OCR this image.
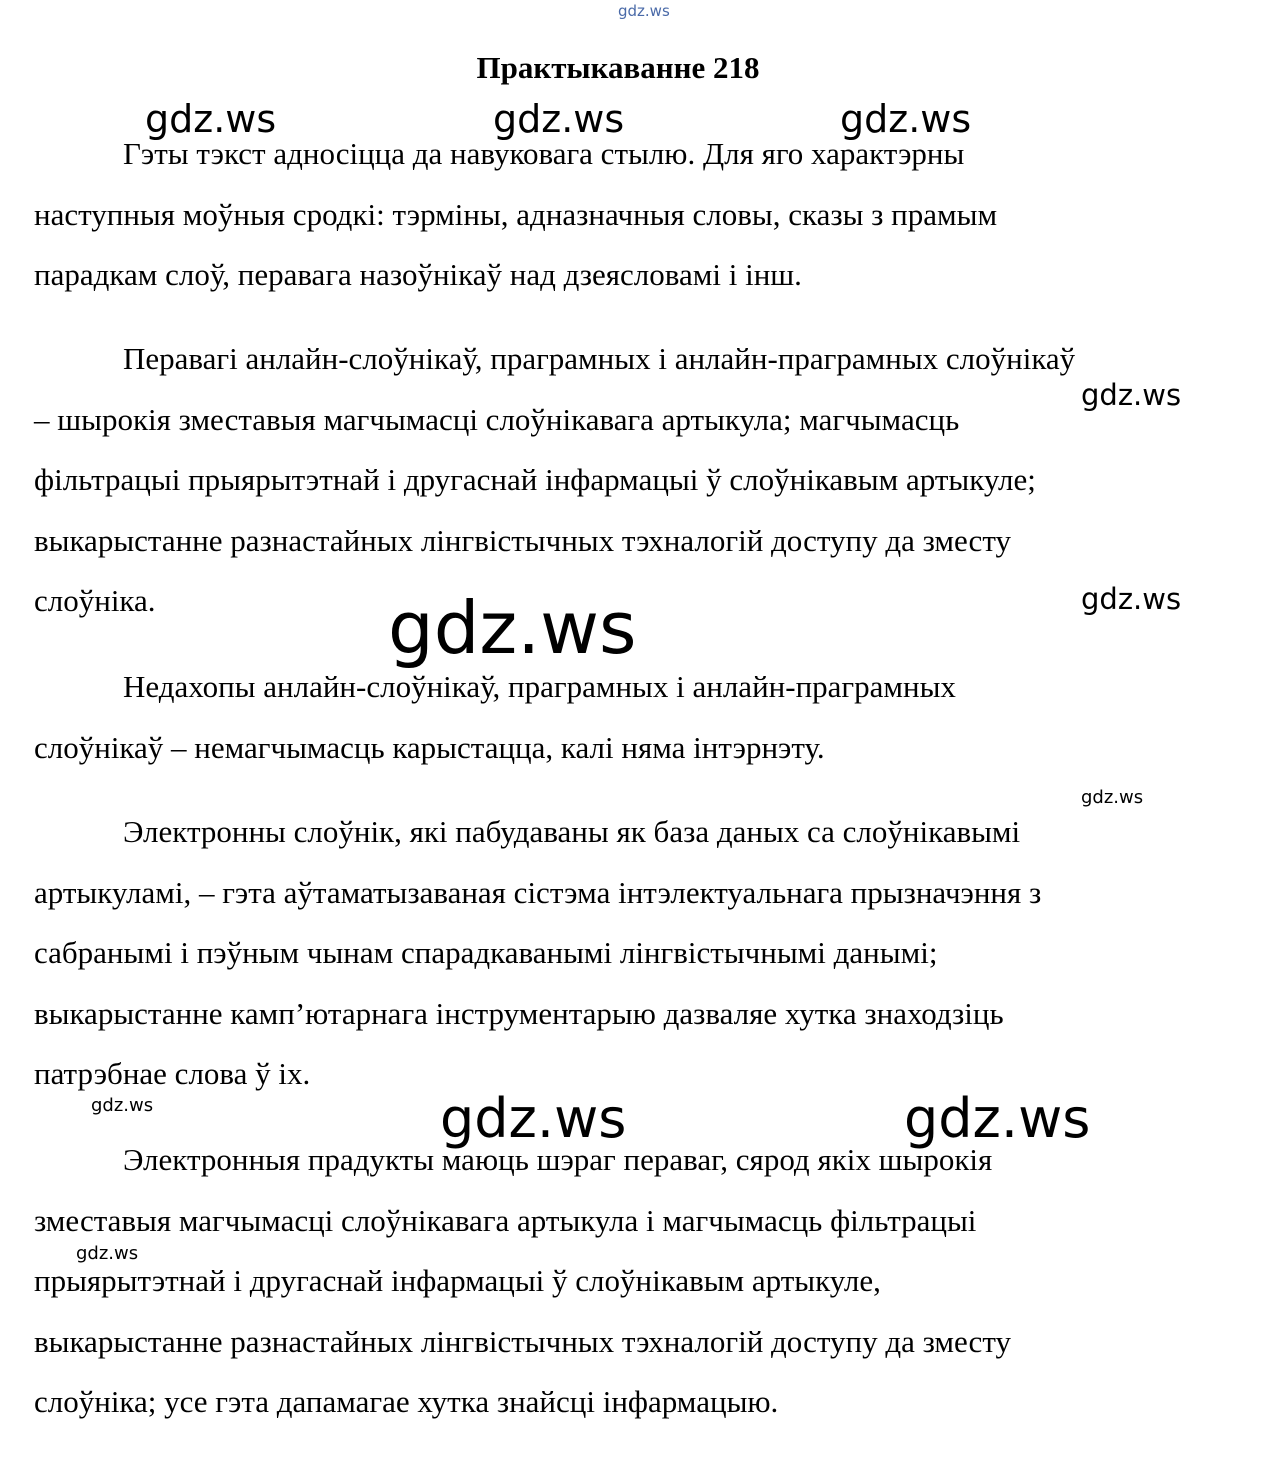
gdz.ws
Практыкаванне 218
Гэты тэкст адносіцца да навуковага стылю. Для яго характэрны
наступныя моўныя сродкі: тэрміны, адназначныя словы, сказы з прамым
парадкам слоў, перавага назоўнікаў над дзеясловамі і інш.
Перавагі анлайн-слоўнікаў, праграмных і анлайн-праграмных слоўнікаў
– шырокія зместавыя магчымасці слоўнікавага артыкула; магчымасць
фільтрацыі прыярытэтнай і другаснай інфармацыі ў слоўнікавым артыкуле;
выкарыстанне разнастайных лінгвістычных тэхналогій доступу да зместу
слоўніка.
Недахопы анлайн-слоўнікаў, праграмных і анлайн-праграмных
слоўнікаў – немагчымасць карыстацца, калі няма інтэрнэту.
Электронны слоўнік, які пабудаваны як база даных са слоўнікавымі
артыкуламі, – гэта аўтаматызаваная сістэма інтэлектуальнага прызначэння з
сабранымі і пэўным чынам спарадкаванымі лінгвістычнымі данымі;
выкарыстанне камп’ютарнага інструментарыю дазваляе хутка знаходзіць
патрэбнае слова ў іх.
Электронныя прадукты маюць шэраг пераваг, сярод якіх шырокія
зместавыя магчымасці слоўнікавага артыкула і магчымасць фільтрацыі
прыярытэтнай і другаснай інфармацыі ў слоўнікавым артыкуле,
выкарыстанне разнастайных лінгвістычных тэхналогій доступу да зместу
слоўніка; усе гэта дапамагае хутка знайсці інфармацыю.
gdz.ws	gdz.ws	gdz.ws
gdz.ws
gdz.ws
gdz.ws
gdz.ws
gdz.ws	gdz.ws	gdz.ws
gdz.ws
